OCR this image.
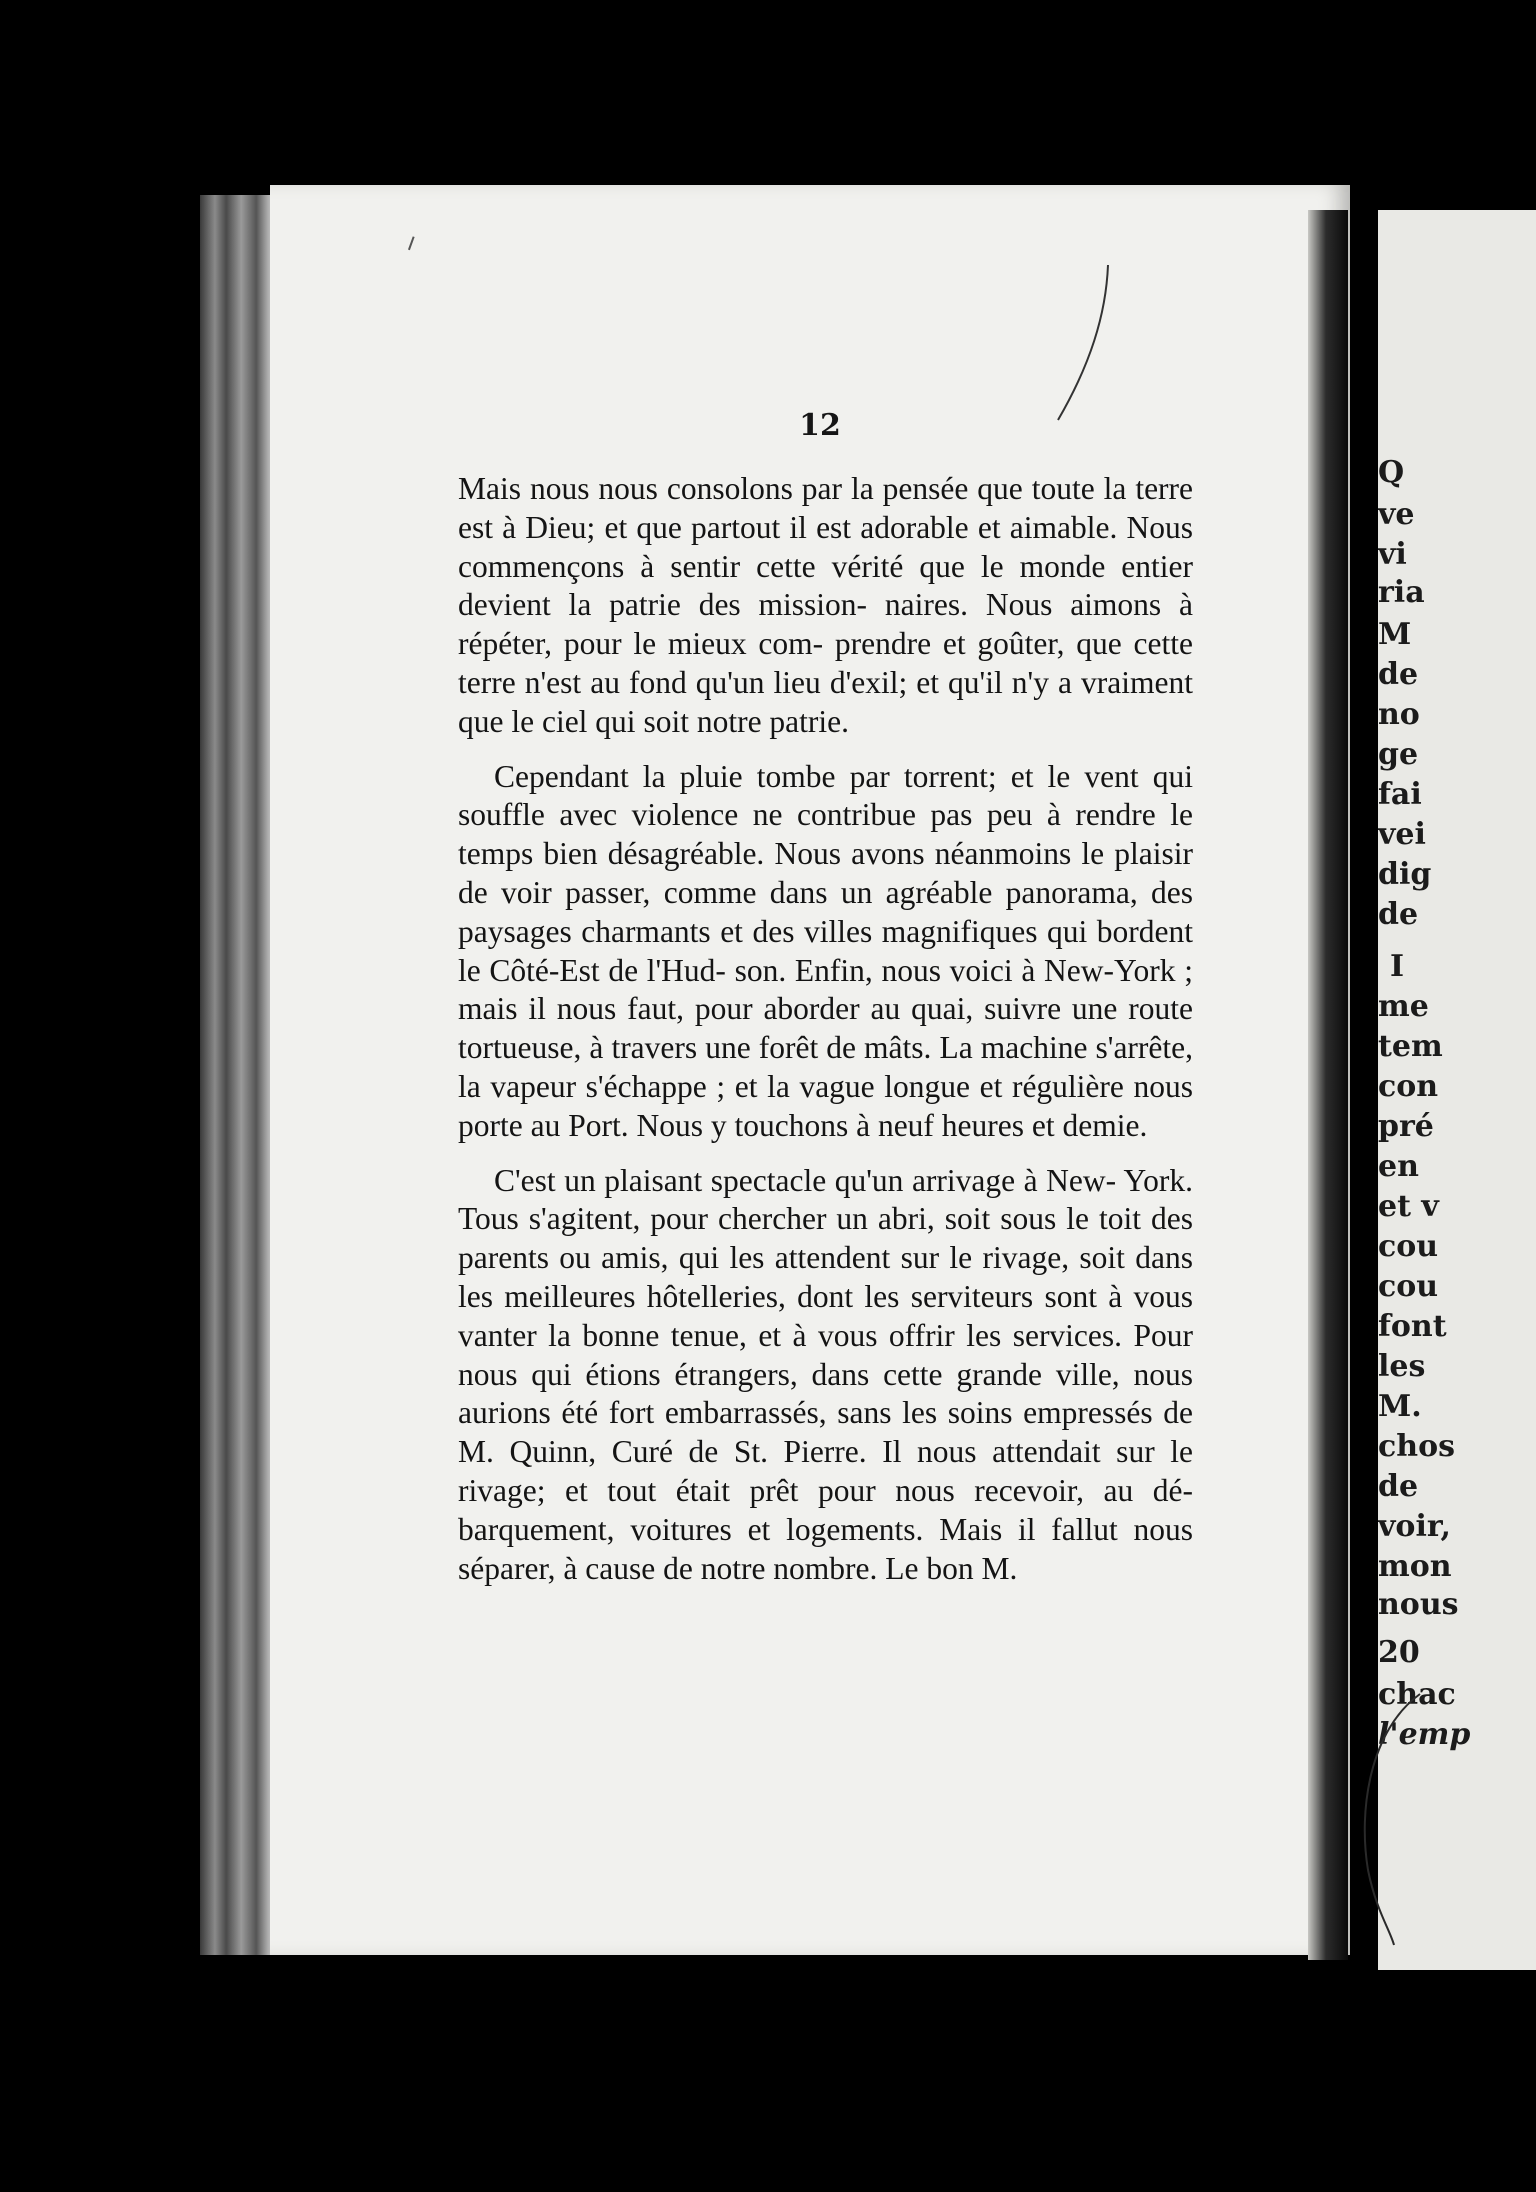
12

Mais nous nous consolons par la pensée que toute la terre est à Dieu; et que partout il est adorable et aimable. Nous commençons à sentir cette vérité que le monde entier devient la patrie des mission- naires. Nous aimons à répéter, pour le mieux com- prendre et goûter, que cette terre n'est au fond qu'un lieu d'exil; et qu'il n'y a vraiment que le ciel qui soit notre patrie.

Cependant la pluie tombe par torrent; et le vent qui souffle avec violence ne contribue pas peu à rendre le temps bien désagréable. Nous avons néanmoins le plaisir de voir passer, comme dans un agréable panorama, des paysages charmants et des villes magnifiques qui bordent le Côté-Est de l'Hud- son. Enfin, nous voici à New-York ; mais il nous faut, pour aborder au quai, suivre une route tortueuse, à travers une forêt de mâts. La machine s'arrête, la vapeur s'échappe ; et la vague longue et régulière nous porte au Port. Nous y touchons à neuf heures et demie.

C'est un plaisant spectacle qu'un arrivage à New- York. Tous s'agitent, pour chercher un abri, soit sous le toit des parents ou amis, qui les attendent sur le rivage, soit dans les meilleures hôtelleries, dont les serviteurs sont à vous vanter la bonne tenue, et à vous offrir les services. Pour nous qui étions étrangers, dans cette grande ville, nous aurions été fort embarrassés, sans les soins empressés de M. Quinn, Curé de St. Pierre. Il nous attendait sur le rivage; et tout était prêt pour nous recevoir, au dé- barquement, voitures et logements. Mais il fallut nous séparer, à cause de notre nombre. Le bon M.

Q
ve
vi
ria
M
de
no
ge
fai
vei
dig
de
I
me
tem
con
pré
en
et v
cou
cou
font
les
M.
chos
de
voir,
mon
nous
20
chac
l'emp
